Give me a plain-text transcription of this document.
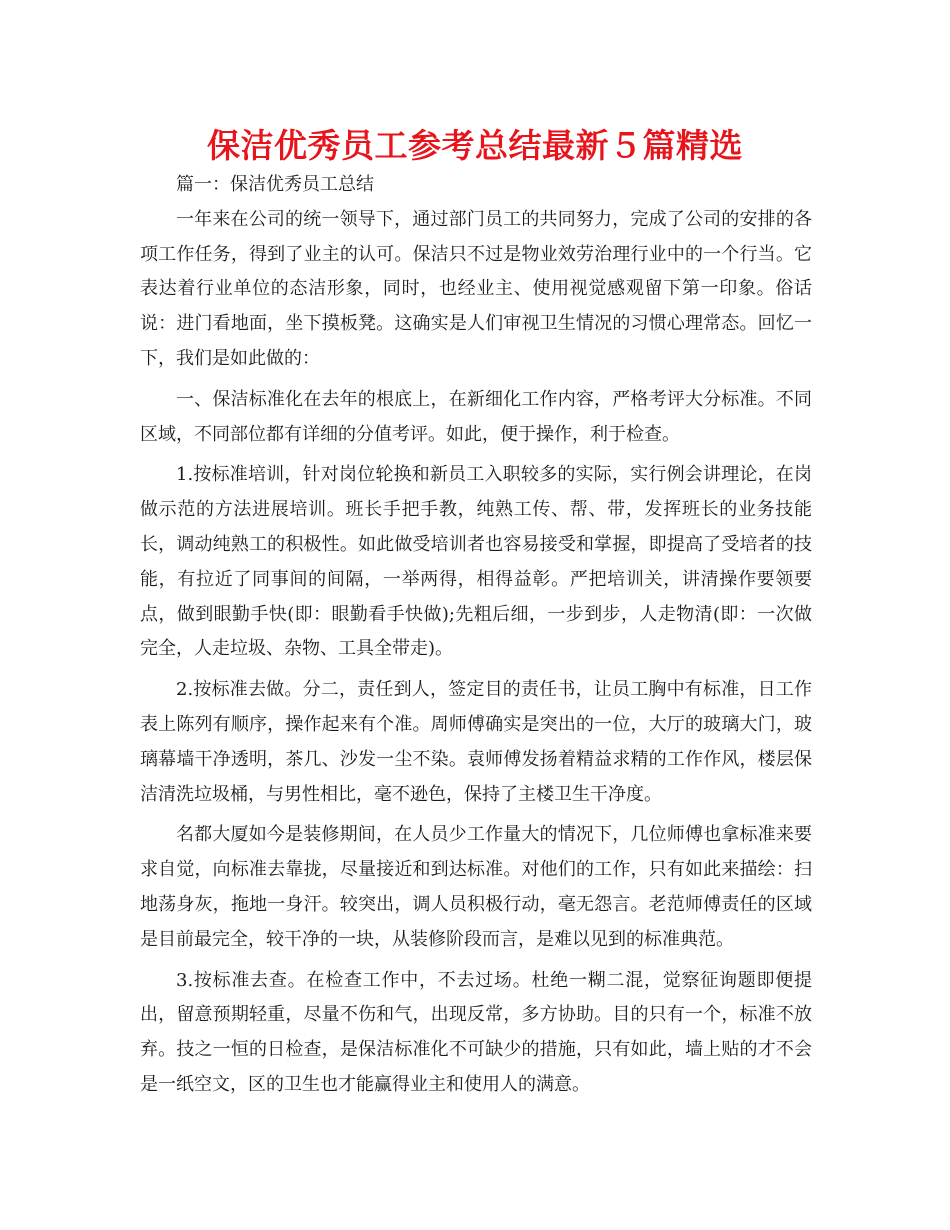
保洁优秀员工参考总结最新５篇精选

篇一：保洁优秀员工总结

一年来在公司的统一领导下，通过部门员工的共同努力，完成了公司的安排的各项工作任务，得到了业主的认可。保洁只不过是物业效劳治理行业中的一个行当。它表达着行业单位的态洁形象，同时，也经业主、使用视觉感观留下第一印象。俗话说：进门看地面，坐下摸板凳。这确实是人们审视卫生情况的习惯心理常态。回忆一下，我们是如此做的：

一、保洁标准化在去年的根底上，在新细化工作内容，严格考评大分标准。不同区域，不同部位都有详细的分值考评。如此，便于操作，利于检查。

1.按标准培训，针对岗位轮换和新员工入职较多的实际，实行例会讲理论，在岗做示范的方法进展培训。班长手把手教，纯熟工传、帮、带，发挥班长的业务技能长，调动纯熟工的积极性。如此做受培训者也容易接受和掌握，即提高了受培者的技能，有拉近了同事间的间隔，一举两得，相得益彰。严把培训关，讲清操作要领要点，做到眼勤手快(即：眼勤看手快做);先粗后细，一步到步，人走物清(即：一次做完全，人走垃圾、杂物、工具全带走)。

2.按标准去做。分二，责任到人，签定目的责任书，让员工胸中有标准，日工作表上陈列有顺序，操作起来有个准。周师傅确实是突出的一位，大厅的玻璃大门，玻璃幕墙干净透明，茶几、沙发一尘不染。袁师傅发扬着精益求精的工作作风，楼层保洁清洗垃圾桶，与男性相比，毫不逊色，保持了主楼卫生干净度。

名都大厦如今是装修期间，在人员少工作量大的情况下，几位师傅也拿标准来要求自觉，向标准去靠拢，尽量接近和到达标准。对他们的工作，只有如此来描绘：扫地荡身灰，拖地一身汗。较突出，调人员积极行动，毫无怨言。老范师傅责任的区域是目前最完全，较干净的一块，从装修阶段而言，是难以见到的标准典范。

3.按标准去查。在检查工作中，不去过场。杜绝一糊二混，觉察征询题即便提出，留意预期轻重，尽量不伤和气，出现反常，多方协助。目的只有一个，标准不放弃。技之一恒的日检查，是保洁标准化不可缺少的措施，只有如此，墙上贴的才不会是一纸空文，区的卫生也才能赢得业主和使用人的满意。
